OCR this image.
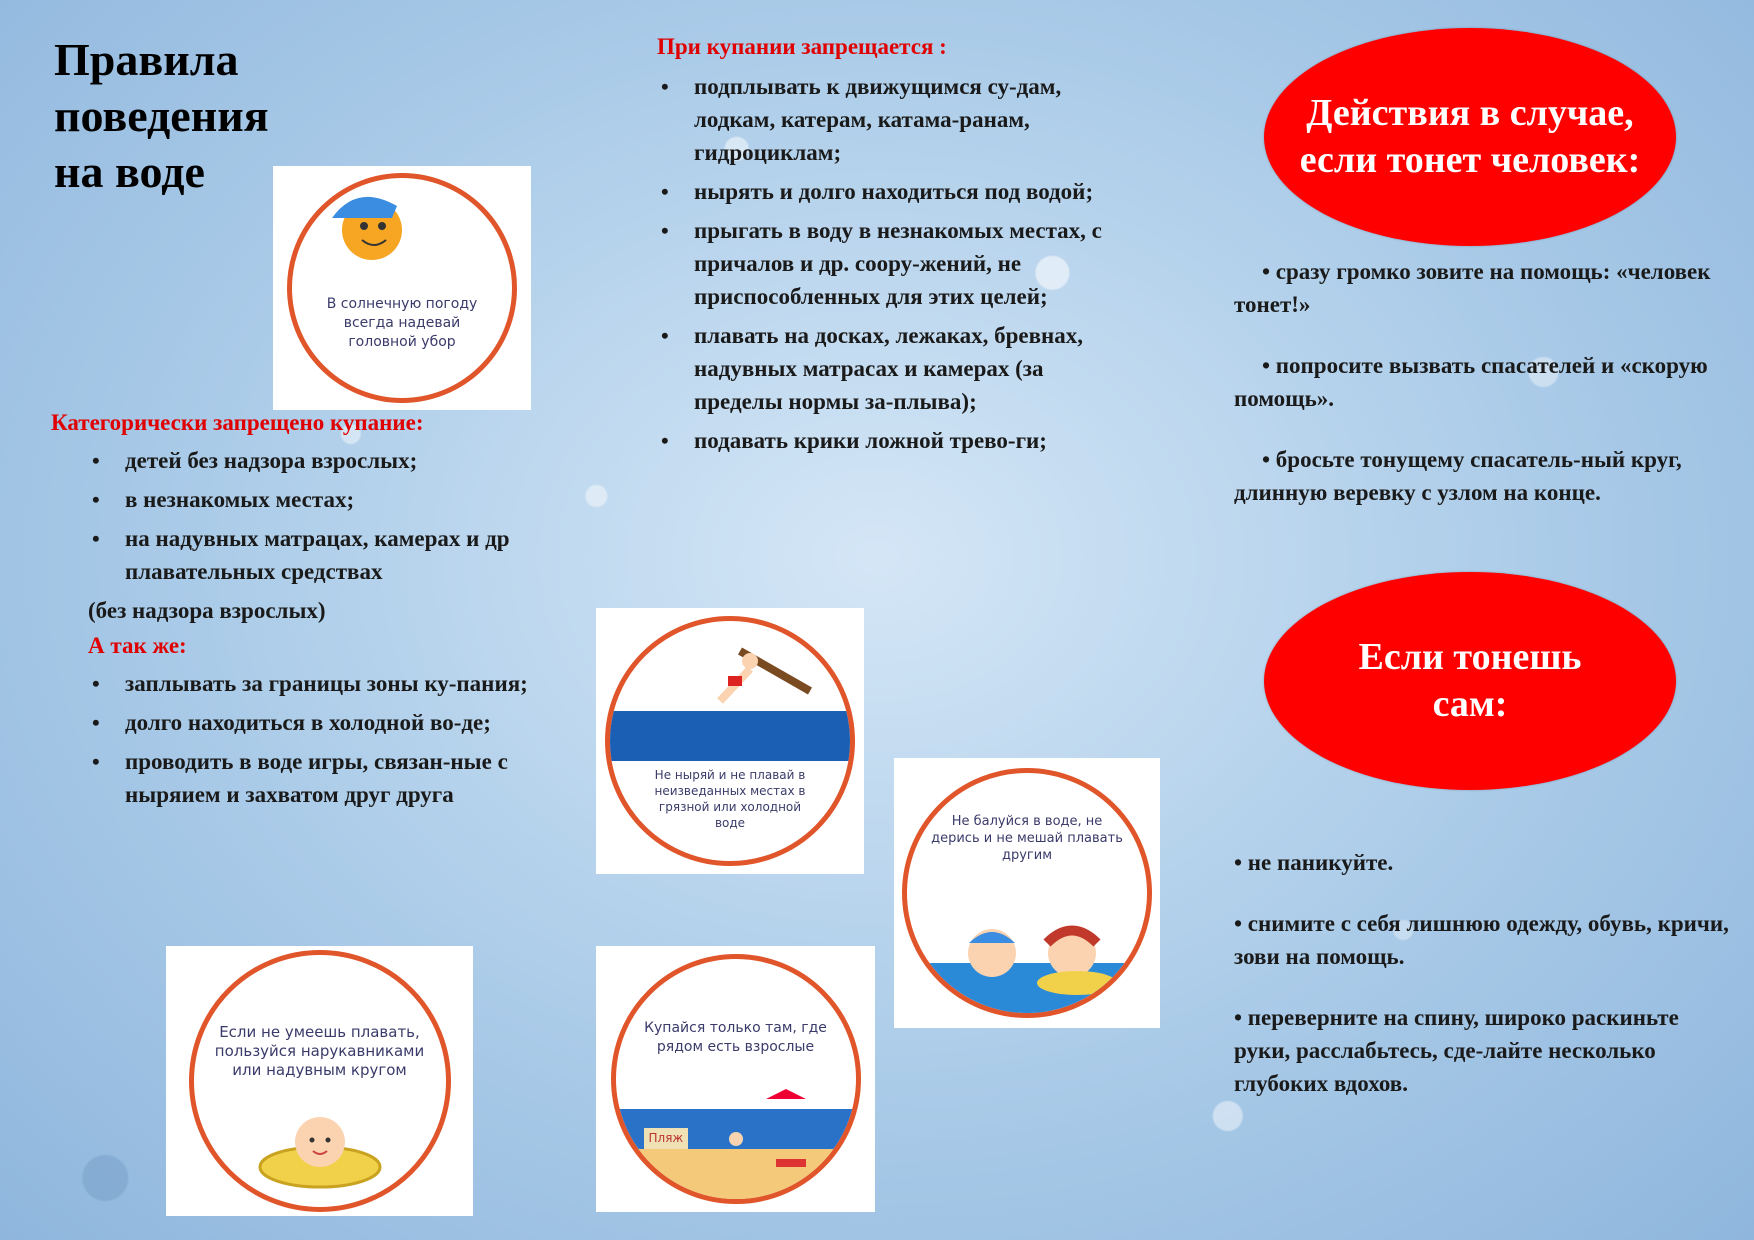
Правила поведения на воде
В солнечную погоду всегда надевай головной убор
Категорически запрещено купание:
• детей без надзора взрослых;
• в незнакомых местах;
• на надувных матрацах, камерах и др плавательных средствах
(без надзора взрослых)
А так же:
• заплывать за границы зоны ку-пания;
• долго находиться в холодной во-де;
• проводить в воде игры, связан-ные с ныряием и захватом друг друга
Если не умеешь плавать, пользуйся нарукавниками или надувным кругом
При купании запрещается :
• подплывать к движущимся су-дам, лодкам, катерам, катама-ранам, гидроциклам;
• нырять и долго находиться под водой;
• прыгать в воду в незнакомых местах, с причалов и др. соору-жений, не приспособленных для этих целей;
• плавать на досках, лежаках, бревнах, надувных матрасах и камерах (за пределы нормы за-плыва);
• подавать крики ложной трево-ги;
Не ныряй и не плавай в неизведанных местах в грязной или холодной воде
Купайся только там, где рядом есть взрослые
Пляж
Не балуйся в воде, не дерись и не мешай плавать другим
Действия в случае, если тонет человек:

• сразу громко зовите на помощь: «человек тонет!»

• попросите вызвать спасателей и «скорую помощь».

• бросьте тонущему спасатель-ный круг, длинную веревку с узлом на конце.

Если тонешь сам:

• не паникуйте.

• снимите с себя лишнюю одежду, обувь, кричи, зови на помощь.

• переверните на спину, широко раскиньте руки, расслабьтесь, сде-лайте несколько глубоких вдохов.
